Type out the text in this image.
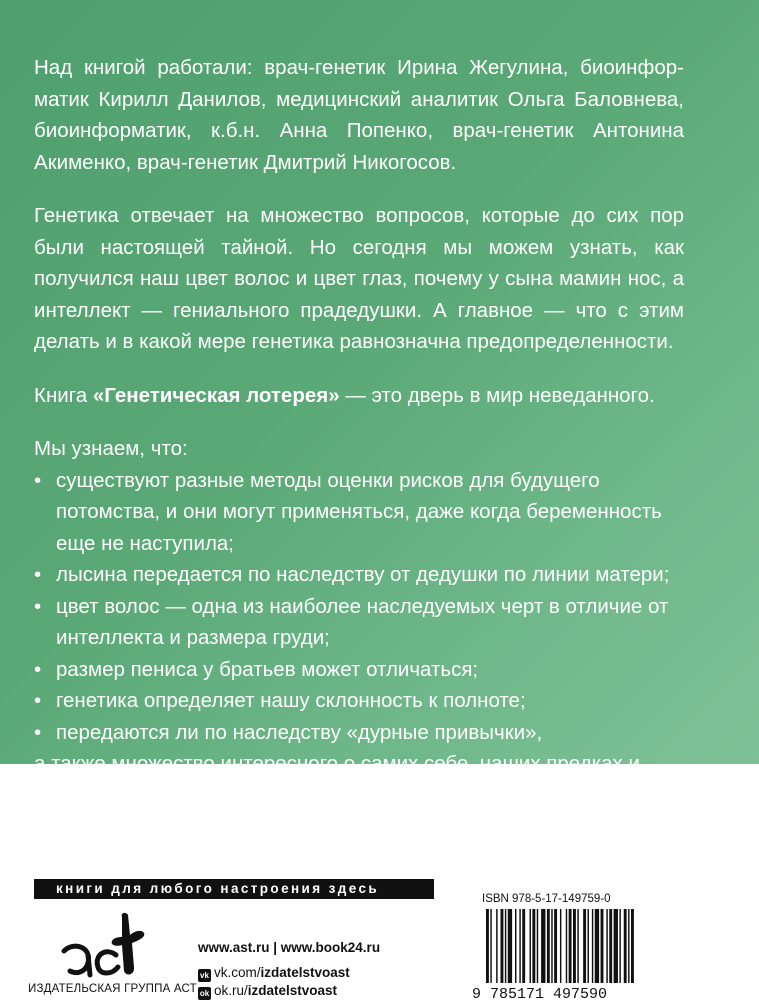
Над книгой работали: врач-генетик Ирина Жегулина, биоинформатик Кирилл Данилов, медицинский аналитик Ольга Баловнева, биоинформатик, к.б.н. Анна Попенко, врач-генетик Антонина Акименко, врач-генетик Дмитрий Никогосов.

Генетика отвечает на множество вопросов, которые до сих пор были настоящей тайной. Но сегодня мы можем узнать, как получился наш цвет волос и цвет глаз, почему у сына мамин нос, а интеллект — гениального прадедушки. А главное — что с этим делать и в какой мере генетика равнозначна предопределенности.

Книга «Генетическая лотерея» — это дверь в мир неведанного.

Мы узнаем, что:
• существуют разные методы оценки рисков для будущего потомства, и они могут применяться, даже когда беременность еще не наступила;
• лысина передается по наследству от дедушки по линии матери;
• цвет волос — одна из наиболее наследуемых черт в отличие от интеллекта и размера груди;
• размер пениса у братьев может отличаться;
• генетика определяет нашу склонность к полноте;
• передаются ли по наследству «дурные привычки»,

а также множество интересного о самих себе, наших предках и нашем будущем.

книги для любого настроения здесь
ИЗДАТЕЛЬСКАЯ ГРУППА АСТ
www.ast.ru | www.book24.ru
vk vk.com/izdatelstvoast
ok ok.ru/izdatelstvoast
ISBN 978-5-17-149759-0
9 785171 497590
